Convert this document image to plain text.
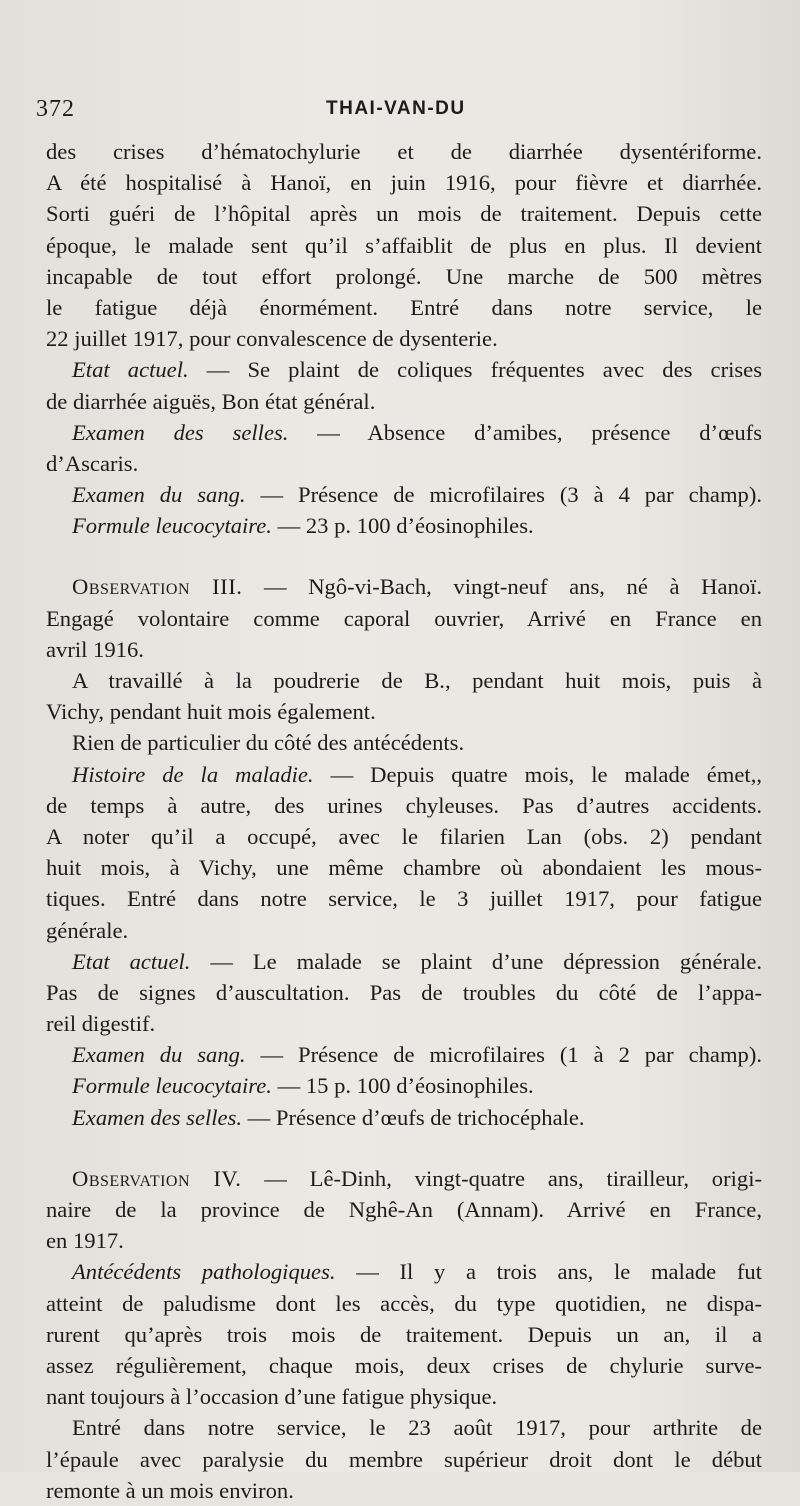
372	THAI-VAN-DU
des crises d’hématochylurie et de diarrhée dysentériforme.
A été hospitalisé à Hanoï, en juin 1916, pour fièvre et diarrhée.
Sorti guéri de l’hôpital après un mois de traitement. Depuis cette
époque, le malade sent qu’il s’affaiblit de plus en plus. Il devient
incapable de tout effort prolongé. Une marche de 500 mètres
le fatigue déjà énormément. Entré dans notre service, le
22 juillet 1917, pour convalescence de dysenterie.
Etat actuel. — Se plaint de coliques fréquentes avec des crises
de diarrhée aiguës, Bon état général.
Examen des selles. — Absence d’amibes, présence d’œufs
d’Ascaris.
Examen du sang. — Présence de microfilaires (3 à 4 par champ).
Formule leucocytaire. — 23 p. 100 d’éosinophiles.
Observation III. — Ngô-vi-Bach, vingt-neuf ans, né à Hanoï.
Engagé volontaire comme caporal ouvrier, Arrivé en France en
avril 1916.
A travaillé à la poudrerie de B., pendant huit mois, puis à
Vichy, pendant huit mois également.
Rien de particulier du côté des antécédents.
Histoire de la maladie. — Depuis quatre mois, le malade émet,,
de temps à autre, des urines chyleuses. Pas d’autres accidents.
A noter qu’il a occupé, avec le filarien Lan (obs. 2) pendant
huit mois, à Vichy, une même chambre où abondaient les mous-
tiques. Entré dans notre service, le 3 juillet 1917, pour fatigue
générale.
Etat actuel. — Le malade se plaint d’une dépression générale.
Pas de signes d’auscultation. Pas de troubles du côté de l’appa-
reil digestif.
Examen du sang. — Présence de microfilaires (1 à 2 par champ).
Formule leucocytaire. — 15 p. 100 d’éosinophiles.
Examen des selles. — Présence d’œufs de trichocéphale.
Observation IV. — Lê-Dinh, vingt-quatre ans, tirailleur, origi-
naire de la province de Nghê-An (Annam). Arrivé en France,
en 1917.
Antécédents pathologiques. — Il y a trois ans, le malade fut
atteint de paludisme dont les accès, du type quotidien, ne dispa-
rurent qu’après trois mois de traitement. Depuis un an, il a
assez régulièrement, chaque mois, deux crises de chylurie surve-
nant toujours à l’occasion d’une fatigue physique.
Entré dans notre service, le 23 août 1917, pour arthrite de
l’épaule avec paralysie du membre supérieur droit dont le début
remonte à un mois environ.
